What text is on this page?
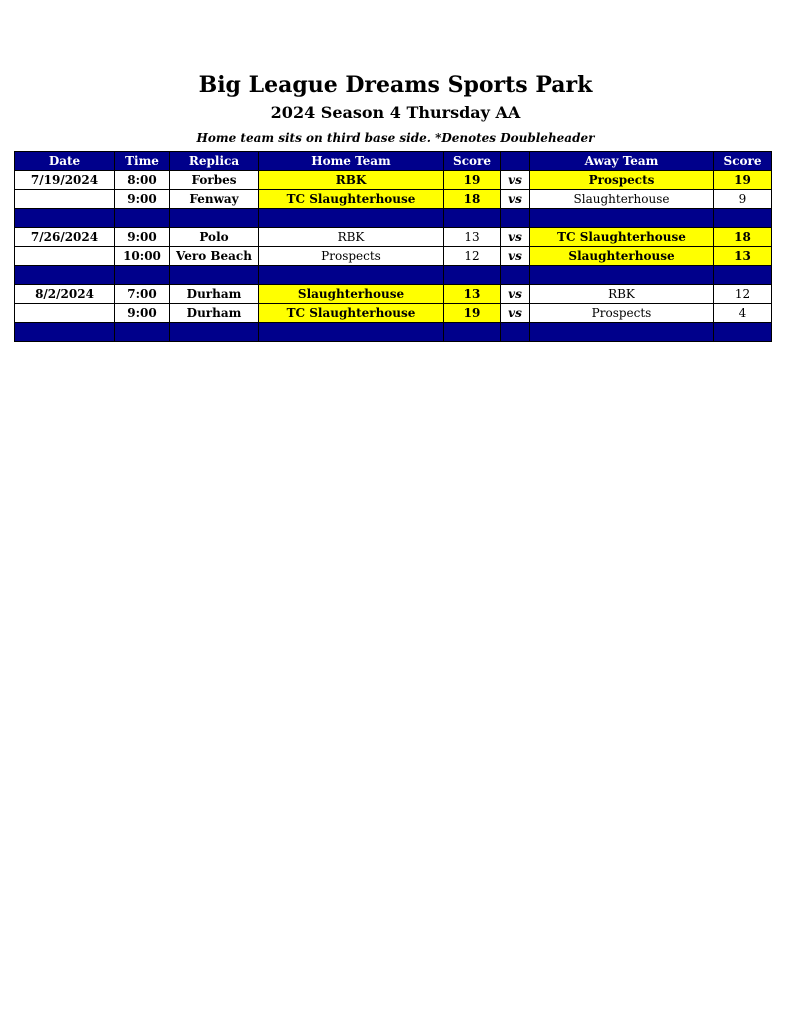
Big League Dreams Sports Park
2024 Season 4 Thursday AA
Home team sits on third base side. *Denotes Doubleheader
Date	Time	Replica	Home Team	Score		Away Team	Score
7/19/2024	8:00	Forbes	RBK	19	vs	Prospects	19
	9:00	Fenway	TC Slaughterhouse	18	vs	Slaughterhouse	9

7/26/2024	9:00	Polo	RBK	13	vs	TC Slaughterhouse	18
	10:00	Vero Beach	Prospects	12	vs	Slaughterhouse	13

8/2/2024	7:00	Durham	Slaughterhouse	13	vs	RBK	12
	9:00	Durham	TC Slaughterhouse	19	vs	Prospects	4
